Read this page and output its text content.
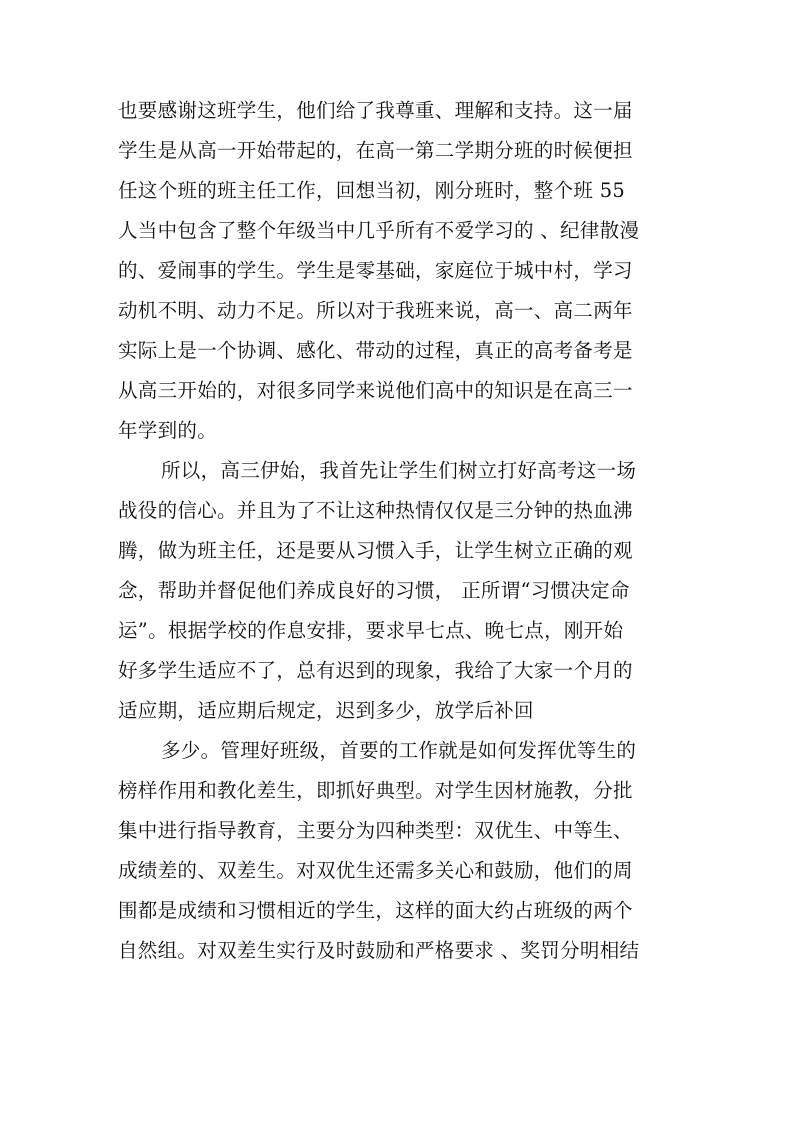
也要感谢这班学生，他们给了我尊重、理解和支持。这一届
学生是从高一开始带起的，在高一第二学期分班的时候便担
任这个班的班主任工作，回想当初，刚分班时，整个班 55
人当中包含了整个年级当中几乎所有不爱学习的 、纪律散漫
的、爱闹事的学生。学生是零基础，家庭位于城中村，学习
动机不明、动力不足。所以对于我班来说，高一、高二两年
实际上是一个协调、感化、带动的过程，真正的高考备考是
从高三开始的，对很多同学来说他们高中的知识是在高三一
年学到的。
所以，高三伊始，我首先让学生们树立打好高考这一场
战役的信心。并且为了不让这种热情仅仅是三分钟的热血沸
腾，做为班主任，还是要从习惯入手，让学生树立正确的观
念，帮助并督促他们养成良好的习惯， 正所谓“习惯决定命
运”。根据学校的作息安排，要求早七点、晚七点，刚开始
好多学生适应不了，总有迟到的现象，我给了大家一个月的
适应期，适应期后规定，迟到多少，放学后补回
多少。管理好班级，首要的工作就是如何发挥优等生的
榜样作用和教化差生，即抓好典型。对学生因材施教，分批
集中进行指导教育，主要分为四种类型：双优生、中等生、
成绩差的、双差生。对双优生还需多关心和鼓励，他们的周
围都是成绩和习惯相近的学生，这样的面大约占班级的两个
自然组。对双差生实行及时鼓励和严格要求 、奖罚分明相结
